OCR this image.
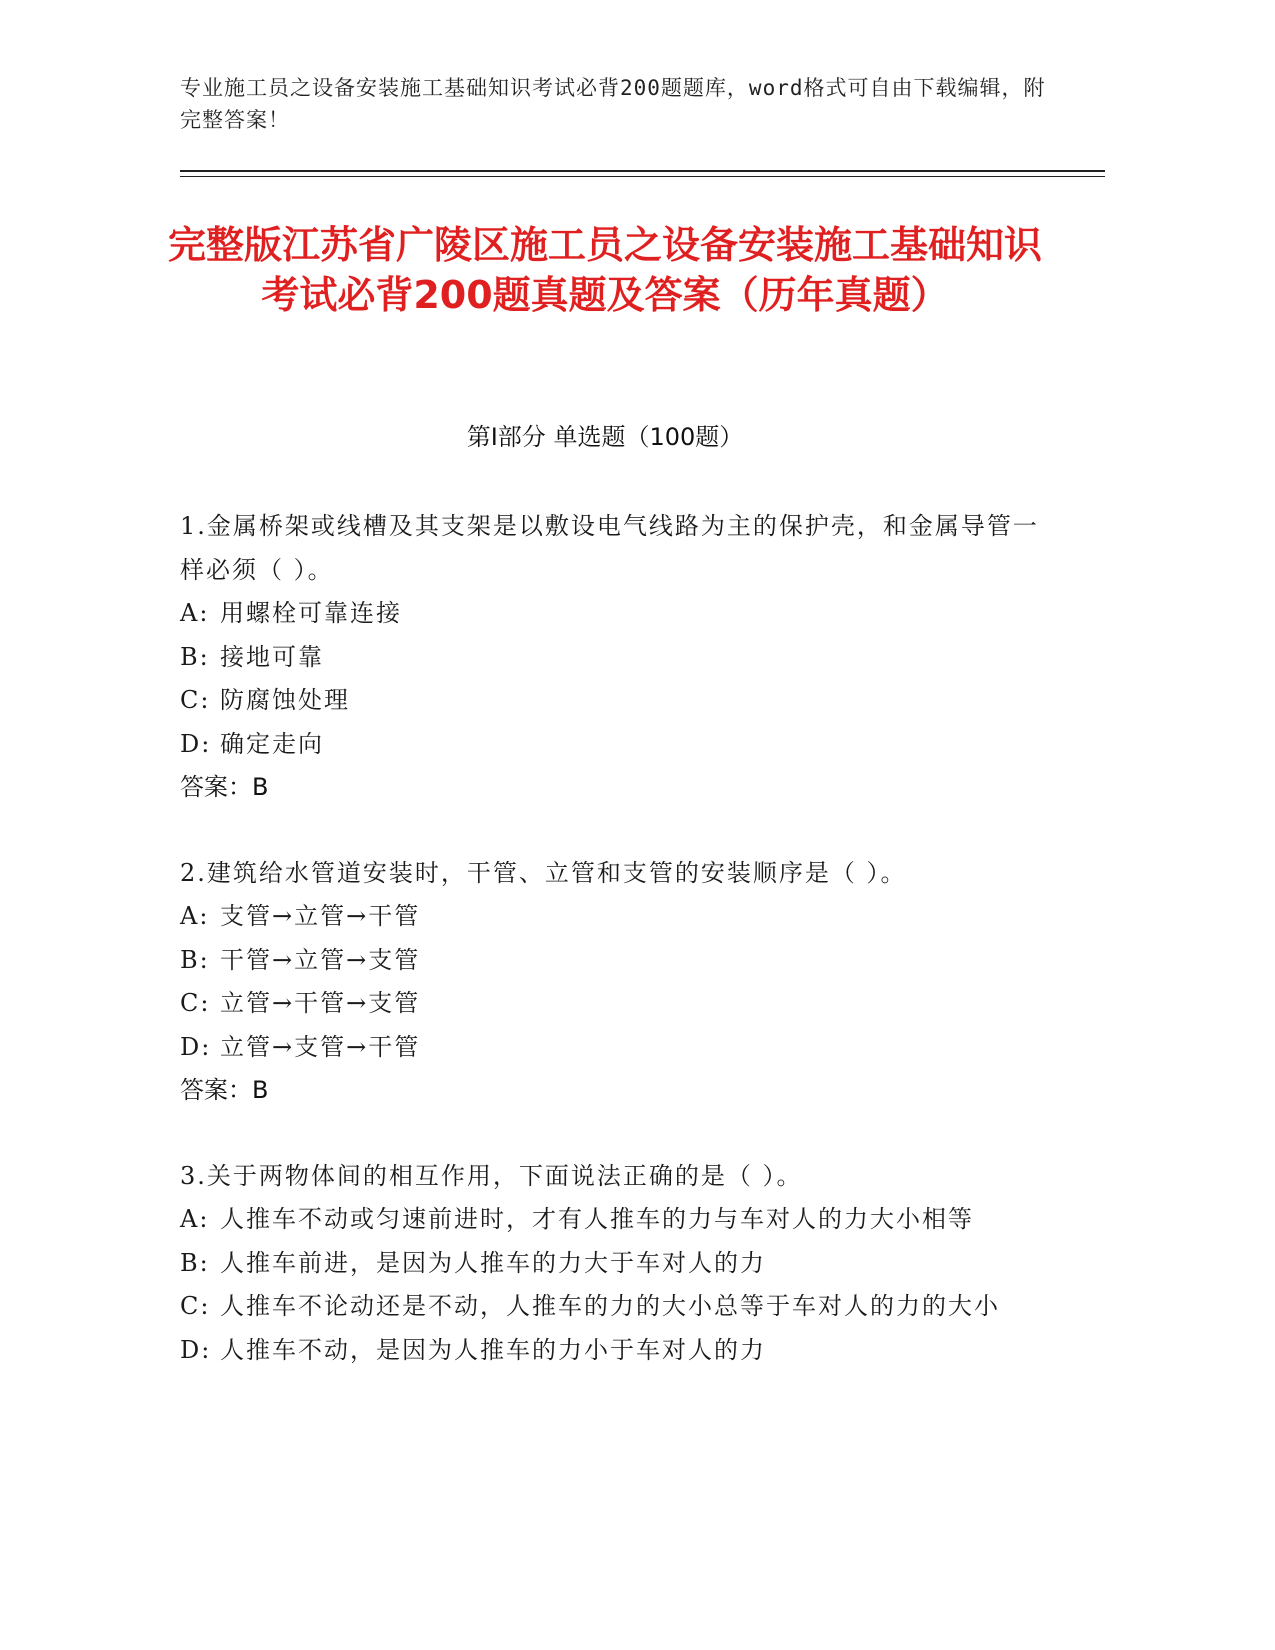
专业施工员之设备安装施工基础知识考试必背200题题库，word格式可自由下载编辑，附完整答案！
完整版江苏省广陵区施工员之设备安装施工基础知识考试必背200题真题及答案（历年真题）
第Ⅰ部分 单选题（100题）
1.金属桥架或线槽及其支架是以敷设电气线路为主的保护壳，和金属导管一样必须（ ）。
A: 用螺栓可靠连接
B: 接地可靠
C: 防腐蚀处理
D: 确定走向
答案：B
2.建筑给水管道安装时，干管、立管和支管的安装顺序是（ ）。
A: 支管→立管→干管
B: 干管→立管→支管
C: 立管→干管→支管
D: 立管→支管→干管
答案：B
3.关于两物体间的相互作用，下面说法正确的是（ ）。
A: 人推车不动或匀速前进时，才有人推车的力与车对人的力大小相等
B: 人推车前进，是因为人推车的力大于车对人的力
C: 人推车不论动还是不动，人推车的力的大小总等于车对人的力的大小
D: 人推车不动，是因为人推车的力小于车对人的力
